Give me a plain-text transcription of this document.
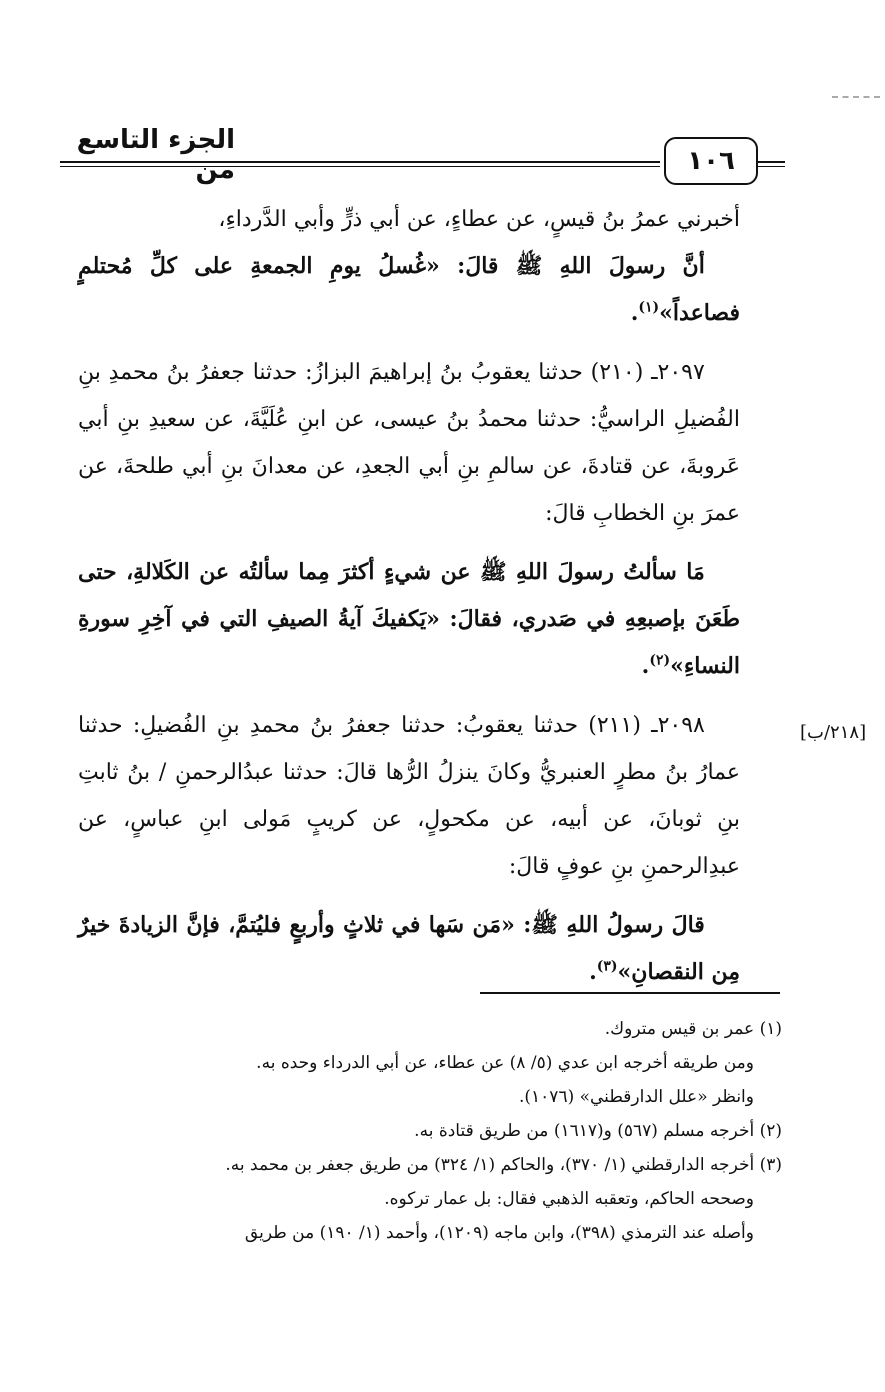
الجزء التاسع من	١٠٦

أخبرني عمرُ بنُ قيسٍ، عن عطاءٍ، عن أبي ذرٍّ وأبي الدَّرداءِ،

أنَّ رسولَ اللهِ ﷺ قالَ: «غُسلُ يومِ الجمعةِ على كلِّ مُحتلمٍ فصاعداً»$^{(١)}$.

٢٠٩٧ـ (٢١٠) حدثنا يعقوبُ بنُ إبراهيمَ البزازُ: حدثنا جعفرُ بنُ محمدِ بنِ الفُضيلِ الراسيُّ: حدثنا محمدُ بنُ عيسى، عن ابنِ عُلَيَّةَ، عن سعيدِ بنِ أبي عَروبةَ، عن قتادةَ، عن سالمِ بنِ أبي الجعدِ، عن معدانَ بنِ أبي طلحةَ، عن عمرَ بنِ الخطابِ قالَ:

مَا سألتُ رسولَ اللهِ ﷺ عن شيءٍ أكثرَ مِما سألتُه عن الكَلالةِ، حتى طَعَنَ بإصبعِهِ في صَدري، فقالَ: «يَكفيكَ آيةُ الصيفِ التي في آخِرِ سورةِ النساءِ»$^{(٢)}$.

٢٠٩٨ـ (٢١١) حدثنا يعقوبُ: حدثنا جعفرُ بنُ محمدِ بنِ الفُضيلِ: حدثنا عمارُ بنُ مطرٍ العنبريُّ وكانَ ينزلُ الرُّها قالَ: حدثنا عبدُالرحمنِ / بنُ ثابتِ بنِ ثوبانَ، عن أبيه، عن مكحولٍ، عن كريبٍ مَولى ابنِ عباسٍ، عن عبدِالرحمنِ بنِ عوفٍ قالَ:

قالَ رسولُ اللهِ ﷺ: «مَن سَها في ثلاثٍ وأربعٍ فليُتمَّ، فإنَّ الزيادةَ خيرٌ مِن النقصانِ»$^{(٣)}$.

[٢١٨/ب]

(١) عمر بن قيس متروك.

ومن طريقه أخرجه ابن عدي (٥/ ٨) عن عطاء، عن أبي الدرداء وحده به.

وانظر «علل الدارقطني» (١٠٧٦).

(٢) أخرجه مسلم (٥٦٧) و(١٦١٧) من طريق قتادة به.

(٣) أخرجه الدارقطني (١/ ٣٧٠)، والحاكم (١/ ٣٢٤) من طريق جعفر بن محمد به.

وصححه الحاكم، وتعقبه الذهبي فقال: بل عمار تركوه.

وأصله عند الترمذي (٣٩٨)، وابن ماجه (١٢٠٩)، وأحمد (١/ ١٩٠) من طريق
